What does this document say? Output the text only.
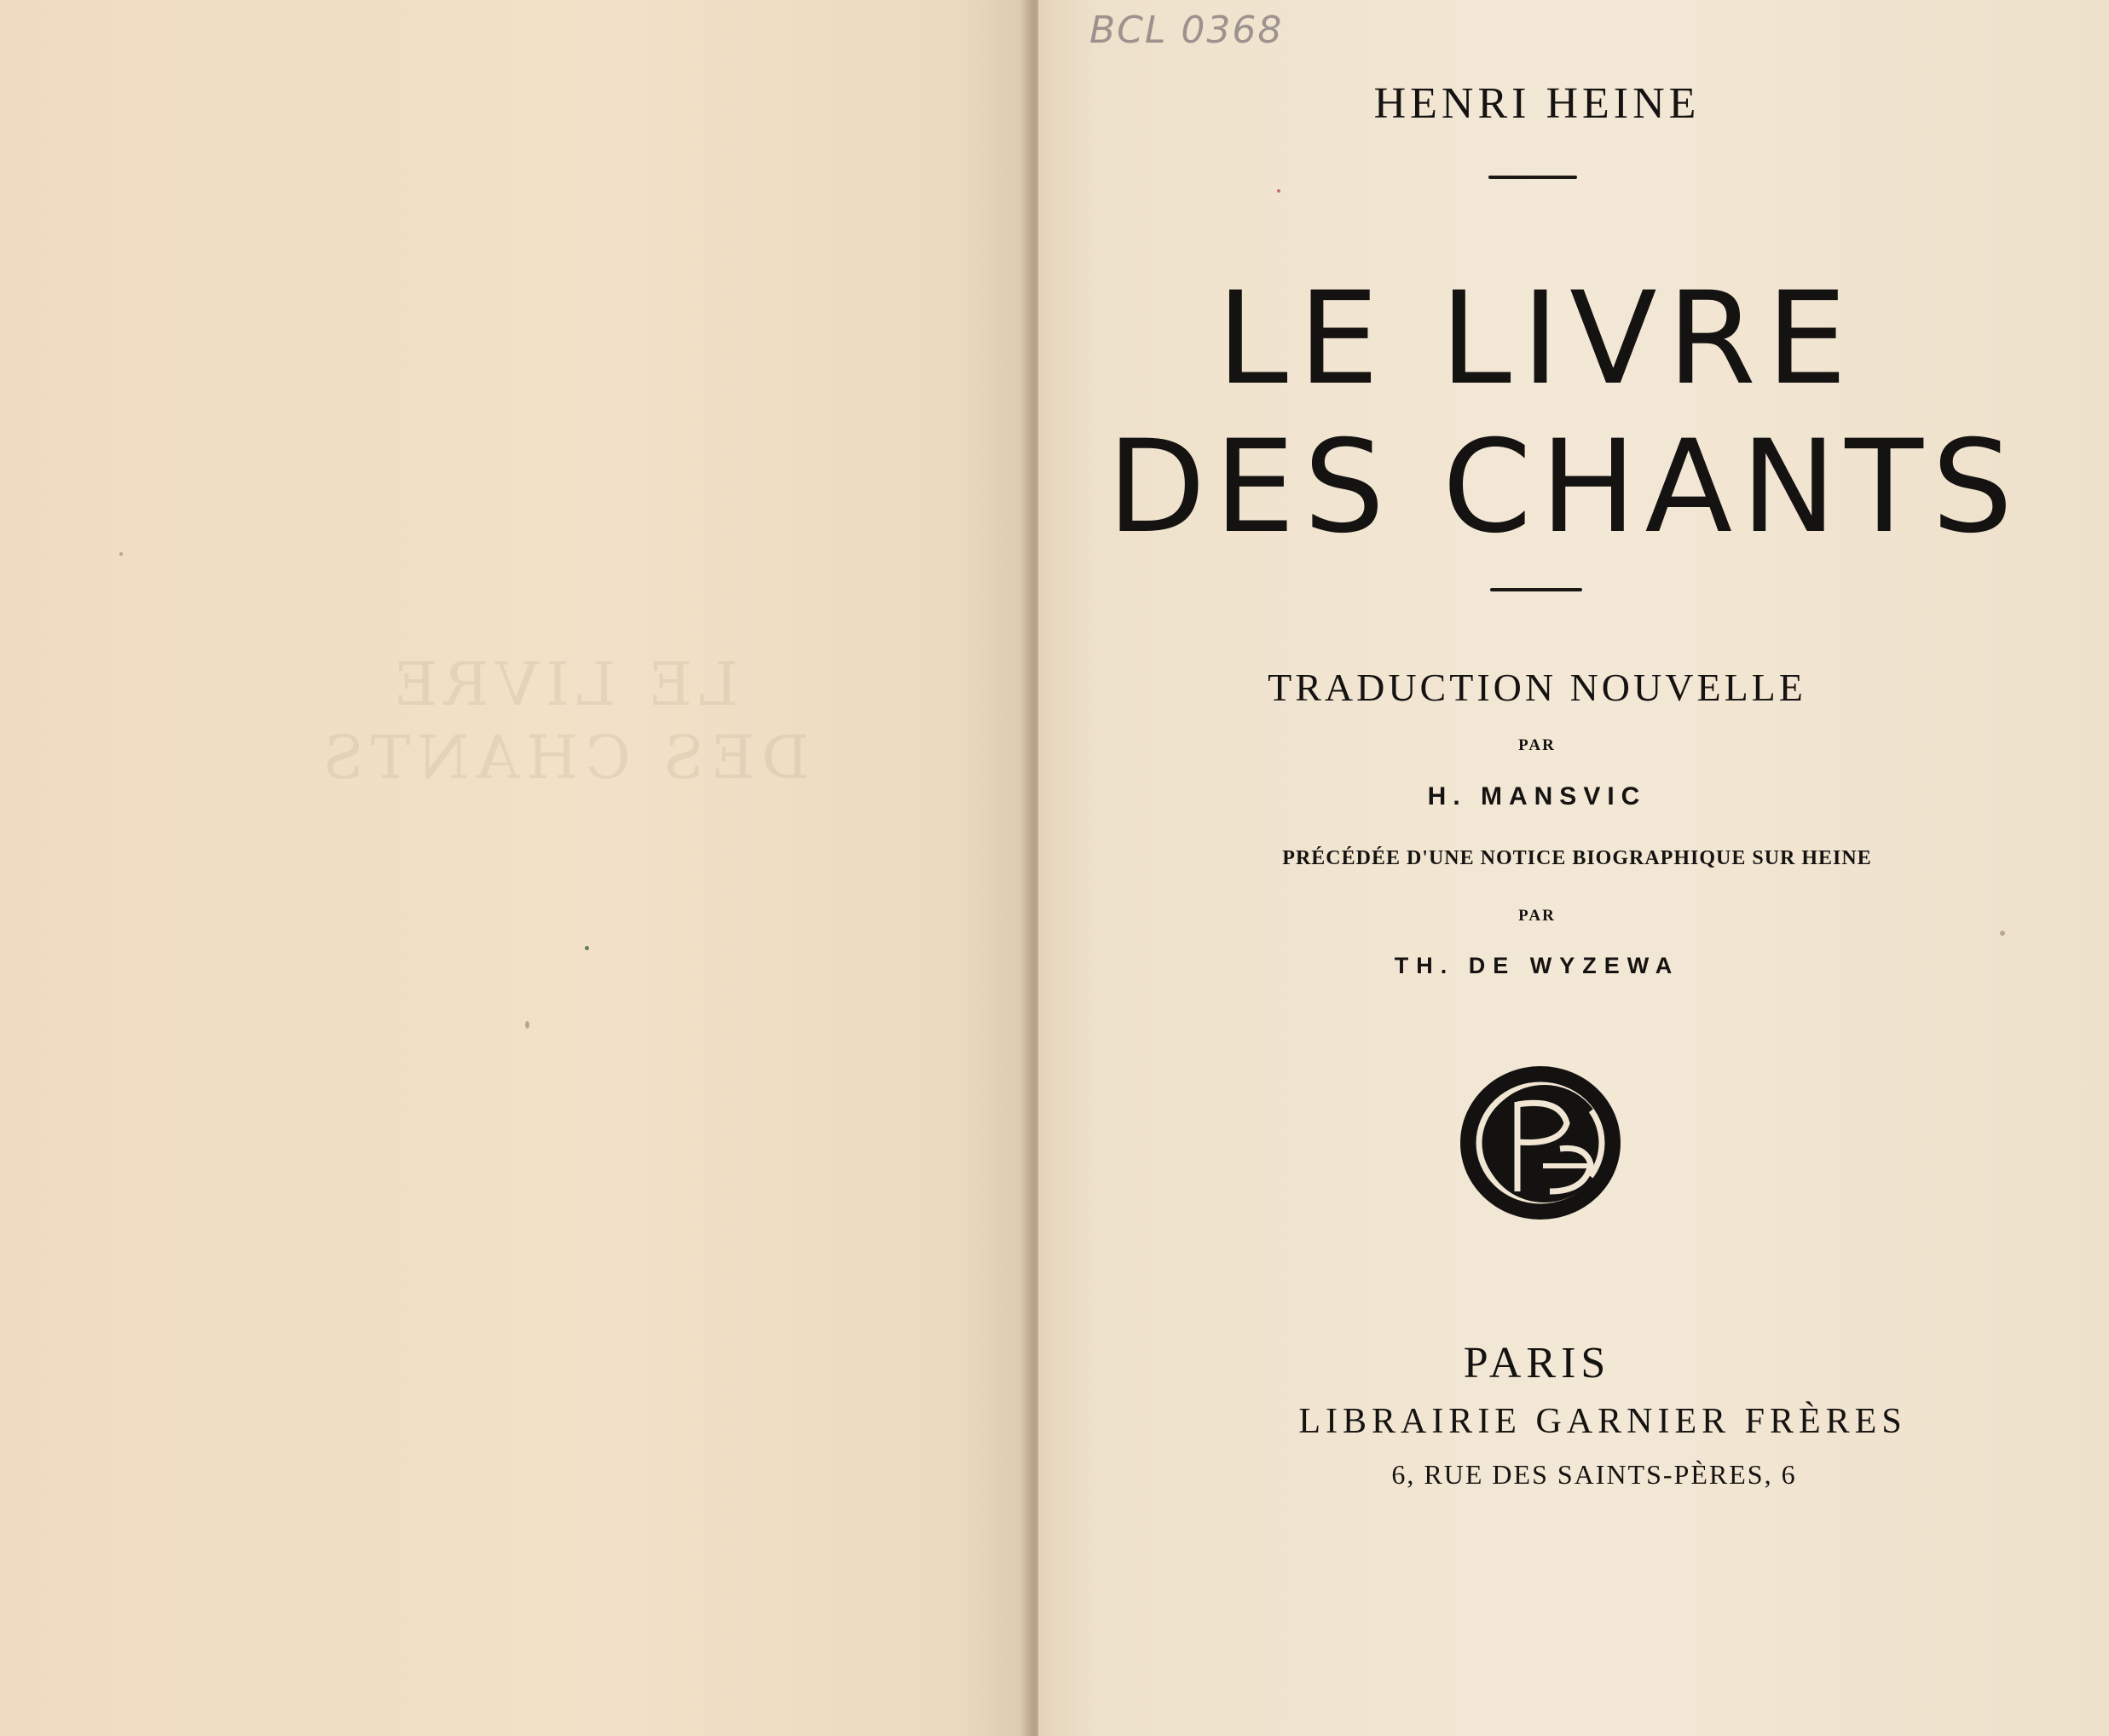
LE LIVRE
DES CHANTS
BCL 0368
HENRI HEINE
LE LIVRE
DES CHANTS
TRADUCTION NOUVELLE
PAR
H. MANSVIC
PRÉCÉDÉE D'UNE NOTICE BIOGRAPHIQUE SUR HEINE
PAR
TH. DE WYZEWA
PARIS
LIBRAIRIE GARNIER FRÈRES
6, RUE DES SAINTS-PÈRES, 6
